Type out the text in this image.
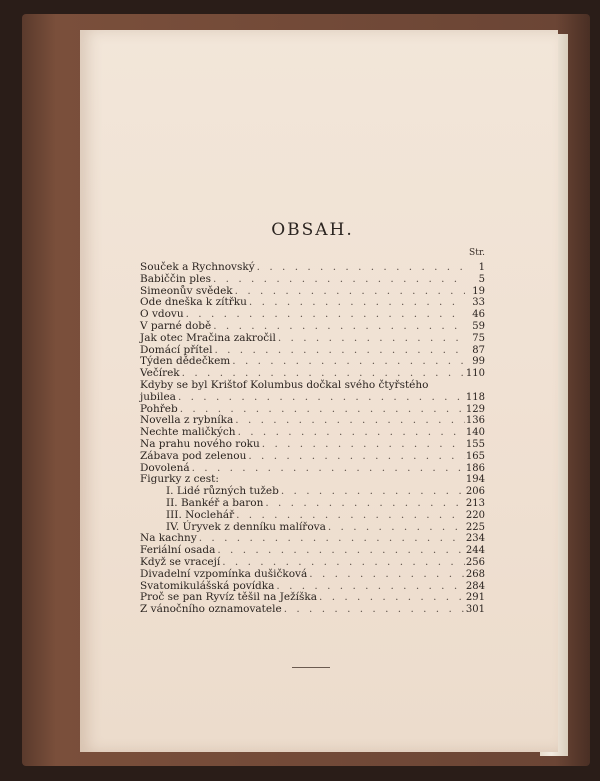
OBSAH.
Str.
Souček a Rychnovský . . .	1
Babiččin ples . . .	5
Simeonův svědek . . .	19
Ode dneška k zítřku . . .	33
O vdovu . . .	46
V parné době . . .	59
Jak otec Mračina zakročil . . .	75
Domácí přítel . . .	87
Týden dědečkem . . .	99
Večírek . . .	110
Kdyby se byl Krištof Kolumbus dočkal svého čtyřstého
jubilea . . .	118
Pohřeb . . .	129
Novella z rybníka . . .	136
Nechte maličkých . . .	140
Na prahu nového roku . . .	155
Zábava pod zelenou . . .	165
Dovolená . . .	186
Figurky z cest:	194
I. Lidé různých tužeb . . .	206
II. Bankéř a baron . . .	213
III. Noclehář . . .	220
IV. Úryvek z denníku malířova . . .	225
Na kachny . . .	234
Feriální osada . . .	244
Když se vracejí . . .	256
Divadelní vzpomínka dušičková . . .	268
Svatomikulášská povídka . . .	284
Proč se pan Ryvíz těšil na Ježíška . . .	291
Z vánočního oznamovatele . . .	301
